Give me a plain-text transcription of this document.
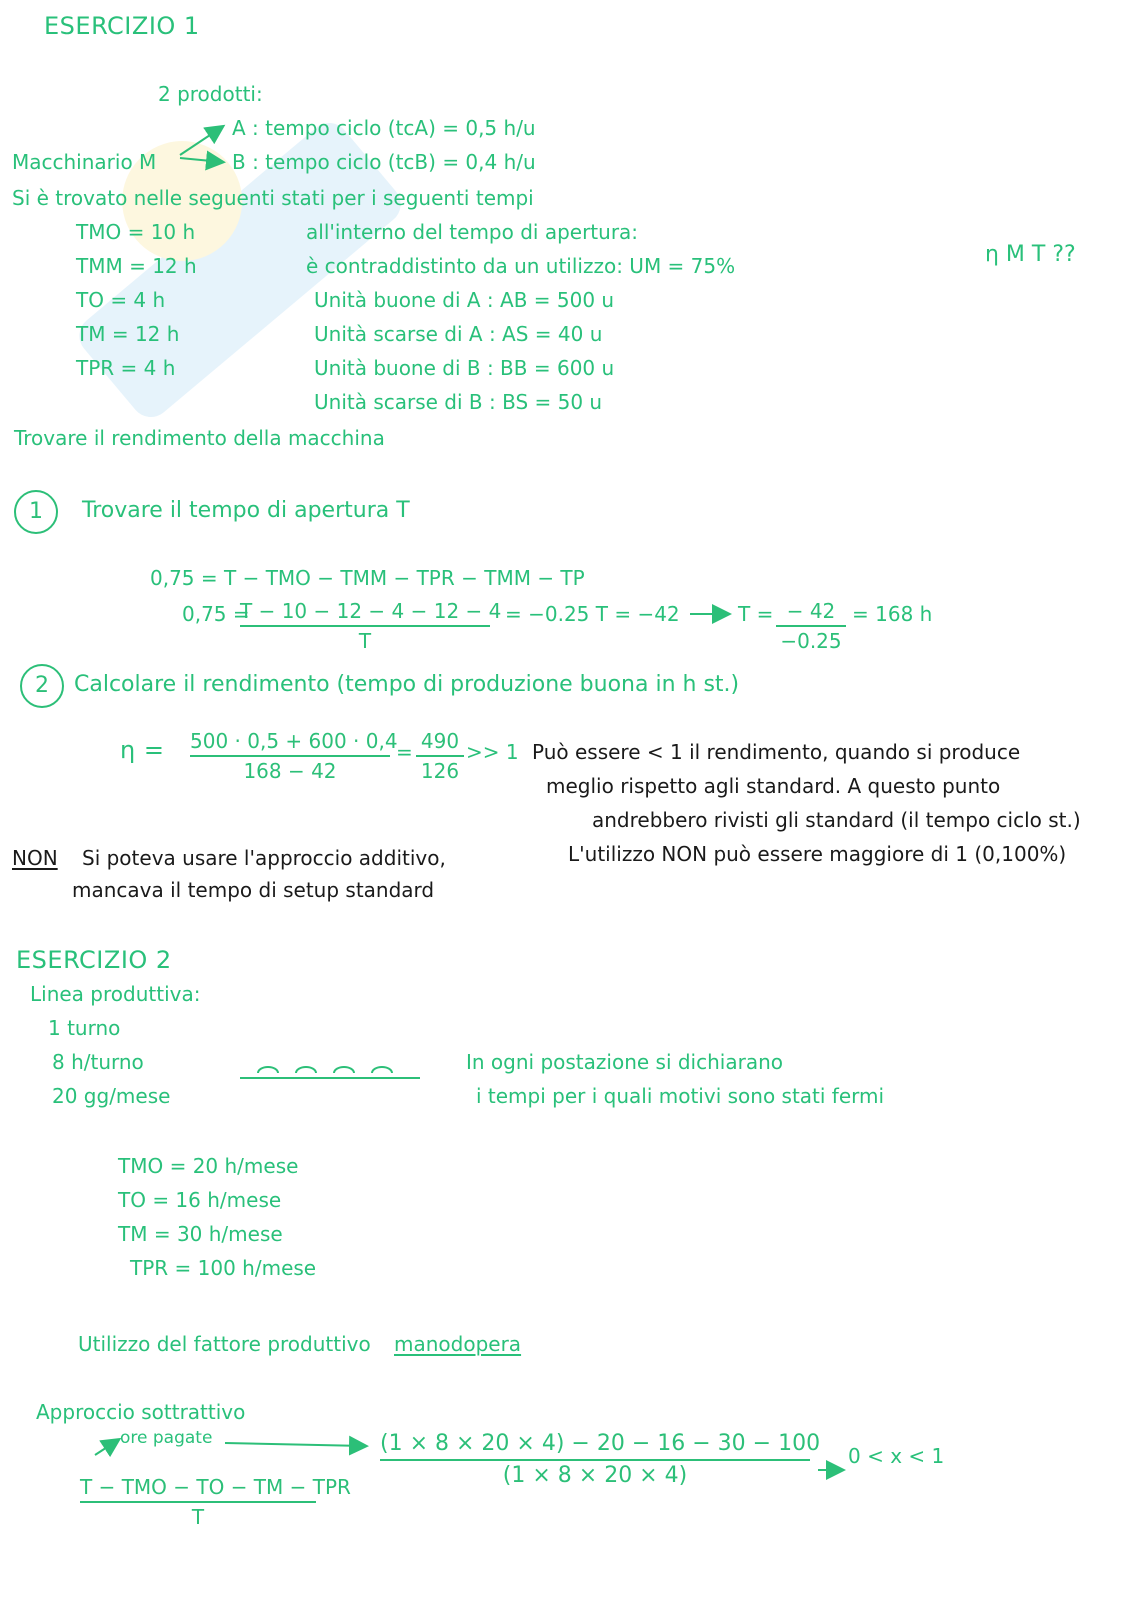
ESERCIZIO 1
2 prodotti:
Macchinario M
A : tempo ciclo (tcA) = 0,5 h/u
B : tempo ciclo (tcB) = 0,4 h/u
Si è trovato nelle seguenti stati per i seguenti tempi
TMO = 10 h
TMM = 12 h
TO = 4 h
TM = 12 h
TPR = 4 h
all'interno del tempo di apertura:
è contraddistinto da un utilizzo: UM = 75%
Unità buone di A : AB = 500 u
Unità scarse di A : AS = 40 u
Unità buone di B : BB = 600 u
Unità scarse di B : BS = 50 u
η M T ??
Trovare il rendimento della macchina
1	Trovare il tempo di apertura T
0,75 = T − TMO − TMM − TPR − TMM − TP
0,75 =
T − 10 − 12 − 4 − 12 − 4
T
= −0.25 T = −42	T = − 42
−0.25
= 168 h
2	Calcolare il rendimento (tempo di produzione buona in h st.)
η = 500 · 0,5 + 600 · 0,4
168 − 42
= 490
126
>> 1 Può essere < 1 il rendimento, quando si produce
meglio rispetto agli standard. A questo punto
andrebbero rivisti gli standard (il tempo ciclo st.)
L'utilizzo NON può essere maggiore di 1 (0,100%)
NON Si poteva usare l'approccio additivo,
mancava il tempo di setup standard
ESERCIZIO 2
Linea produttiva:
1 turno
8 h/turno
20 gg/mese
In ogni postazione si dichiarano
i tempi per i quali motivi sono stati fermi
TMO = 20 h/mese
TO = 16 h/mese
TM = 30 h/mese
TPR = 100 h/mese
Utilizzo del fattore produttivo manodopera
Approccio sottrattivo
ore pagate
T − TMO − TO − TM − TPR
T
(1 × 8 × 20 × 4) − 20 − 16 − 30 − 100
(1 × 8 × 20 × 4)
0 < x < 1
